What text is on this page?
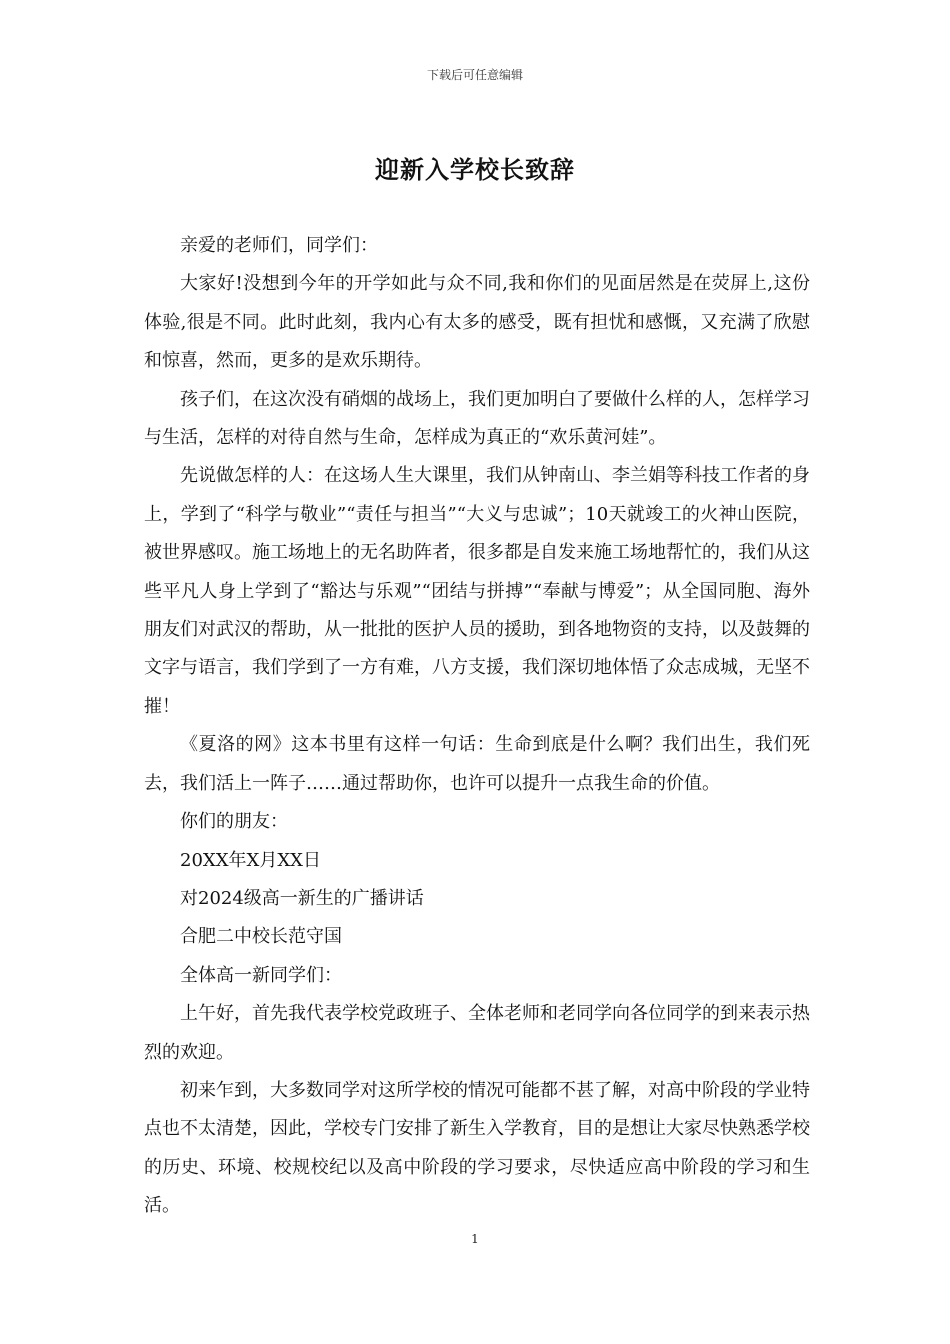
下载后可任意编辑
迎新入学校长致辞

亲爱的老师们，同学们：

大家好!没想到今年的开学如此与众不同,我和你们的见面居然是在荧屏上,这份体验,很是不同。此时此刻，我内心有太多的感受，既有担忧和感慨，又充满了欣慰和惊喜，然而，更多的是欢乐期待。

孩子们，在这次没有硝烟的战场上，我们更加明白了要做什么样的人，怎样学习与生活，怎样的对待自然与生命，怎样成为真正的“欢乐黄河娃”。

先说做怎样的人：在这场人生大课里，我们从钟南山、李兰娟等科技工作者的身上，学到了“科学与敬业”“责任与担当”“大义与忠诚”；10天就竣工的火神山医院，被世界感叹。施工场地上的无名助阵者，很多都是自发来施工场地帮忙的，我们从这些平凡人身上学到了“豁达与乐观”“团结与拼搏”“奉献与博爱”；从全国同胞、海外朋友们对武汉的帮助，从一批批的医护人员的援助，到各地物资的支持，以及鼓舞的文字与语言，我们学到了一方有难，八方支援，我们深切地体悟了众志成城，无坚不摧！

《夏洛的网》这本书里有这样一句话：生命到底是什么啊？我们出生，我们死去，我们活上一阵子……通过帮助你，也许可以提升一点我生命的价值。

你们的朋友：

20XX年X月XX日

对2024级高一新生的广播讲话

合肥二中校长范守国

全体高一新同学们：

上午好，首先我代表学校党政班子、全体老师和老同学向各位同学的到来表示热烈的欢迎。

初来乍到，大多数同学对这所学校的情况可能都不甚了解，对高中阶段的学业特点也不太清楚，因此，学校专门安排了新生入学教育，目的是想让大家尽快熟悉学校的历史、环境、校规校纪以及高中阶段的学习要求，尽快适应高中阶段的学习和生活。

1
